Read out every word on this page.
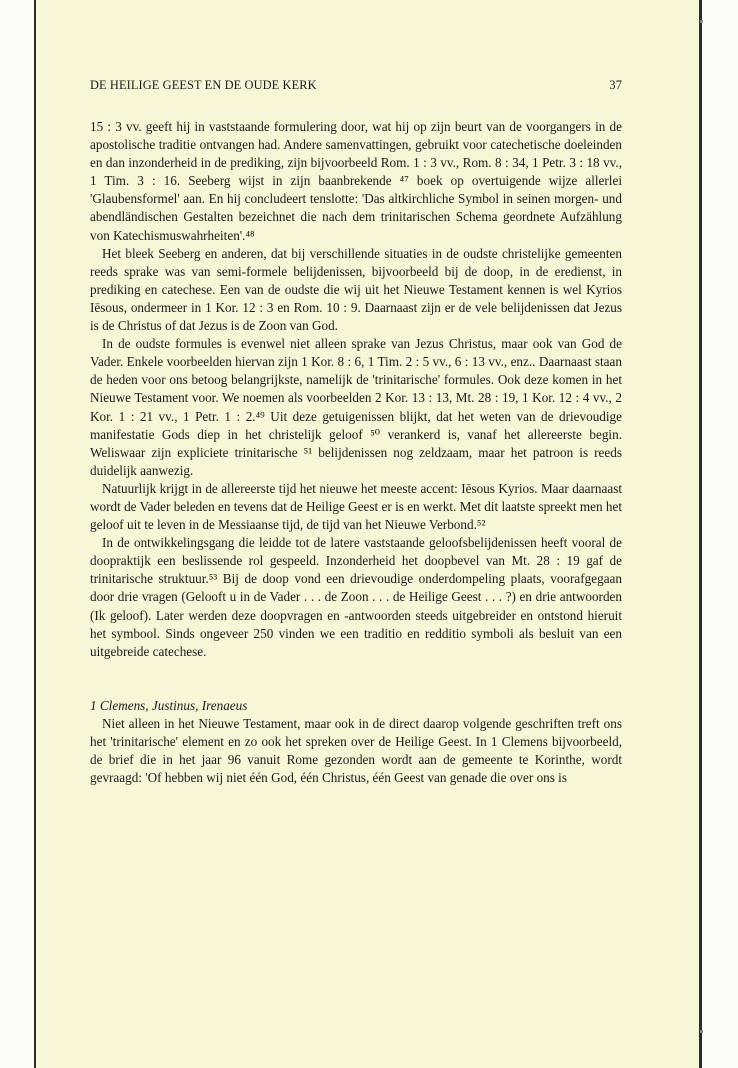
DE HEILIGE GEEST EN DE OUDE KERK	37

15 : 3 vv. geeft hij in vaststaande formulering door, wat hij op zijn beurt van de voorgangers in de apostolische traditie ontvangen had. Andere samenvattingen, gebruikt voor catechetische doeleinden en dan inzonderheid in de prediking, zijn bijvoorbeeld Rom. 1 : 3 vv., Rom. 8 : 34, 1 Petr. 3 : 18 vv., 1 Tim. 3 : 16. Seeberg wijst in zijn baanbrekende ⁴⁷ boek op overtuigende wijze allerlei 'Glaubensformel' aan. En hij concludeert tenslotte: 'Das altkirchliche Symbol in seinen morgen- und abendländischen Gestalten bezeichnet die nach dem trinitarischen Schema geordnete Aufzählung von Katechismuswahrheiten'.⁴⁸

Het bleek Seeberg en anderen, dat bij verschillende situaties in de oudste christelijke gemeenten reeds sprake was van semi-formele belijdenissen, bijvoorbeeld bij de doop, in de eredienst, in prediking en catechese. Een van de oudste die wij uit het Nieuwe Testament kennen is wel Kyrios Iēsous, ondermeer in 1 Kor. 12 : 3 en Rom. 10 : 9. Daarnaast zijn er de vele belijdenissen dat Jezus is de Christus of dat Jezus is de Zoon van God.

In de oudste formules is evenwel niet alleen sprake van Jezus Christus, maar ook van God de Vader. Enkele voorbeelden hiervan zijn 1 Kor. 8 : 6, 1 Tim. 2 : 5 vv., 6 : 13 vv., enz.. Daarnaast staan de heden voor ons betoog belangrijkste, namelijk de 'trinitarische' formules. Ook deze komen in het Nieuwe Testament voor. We noemen als voorbeelden 2 Kor. 13 : 13, Mt. 28 : 19, 1 Kor. 12 : 4 vv., 2 Kor. 1 : 21 vv., 1 Petr. 1 : 2.⁴⁹ Uit deze getuigenissen blijkt, dat het weten van de drievoudige manifestatie Gods diep in het christelijk geloof ⁵⁰ verankerd is, vanaf het allereerste begin. Weliswaar zijn expliciete trinitarische ⁵¹ belijdenissen nog zeldzaam, maar het patroon is reeds duidelijk aanwezig.

Natuurlijk krijgt in de allereerste tijd het nieuwe het meeste accent: Iēsous Kyrios. Maar daarnaast wordt de Vader beleden en tevens dat de Heilige Geest er is en werkt. Met dit laatste spreekt men het geloof uit te leven in de Messiaanse tijd, de tijd van het Nieuwe Verbond.⁵²

In de ontwikkelingsgang die leidde tot de latere vaststaande geloofsbelijdenissen heeft vooral de doopraktijk een beslissende rol gespeeld. Inzonderheid het doopbevel van Mt. 28 : 19 gaf de trinitarische struktuur.⁵³ Bij de doop vond een drievoudige onderdompeling plaats, voorafgegaan door drie vragen (Gelooft u in de Vader . . . de Zoon . . . de Heilige Geest . . . ?) en drie antwoorden (Ik geloof). Later werden deze doopvragen en -antwoorden steeds uitgebreider en ontstond hieruit het symbool. Sinds ongeveer 250 vinden we een traditio en redditio symboli als besluit van een uitgebreide catechese.

1 Clemens, Justinus, Irenaeus

Niet alleen in het Nieuwe Testament, maar ook in de direct daarop volgende geschriften treft ons het 'trinitarische' element en zo ook het spreken over de Heilige Geest. In 1 Clemens bijvoorbeeld, de brief die in het jaar 96 vanuit Rome gezonden wordt aan de gemeente te Korinthe, wordt gevraagd: 'Of hebben wij niet één God, één Christus, één Geest van genade die over ons is
